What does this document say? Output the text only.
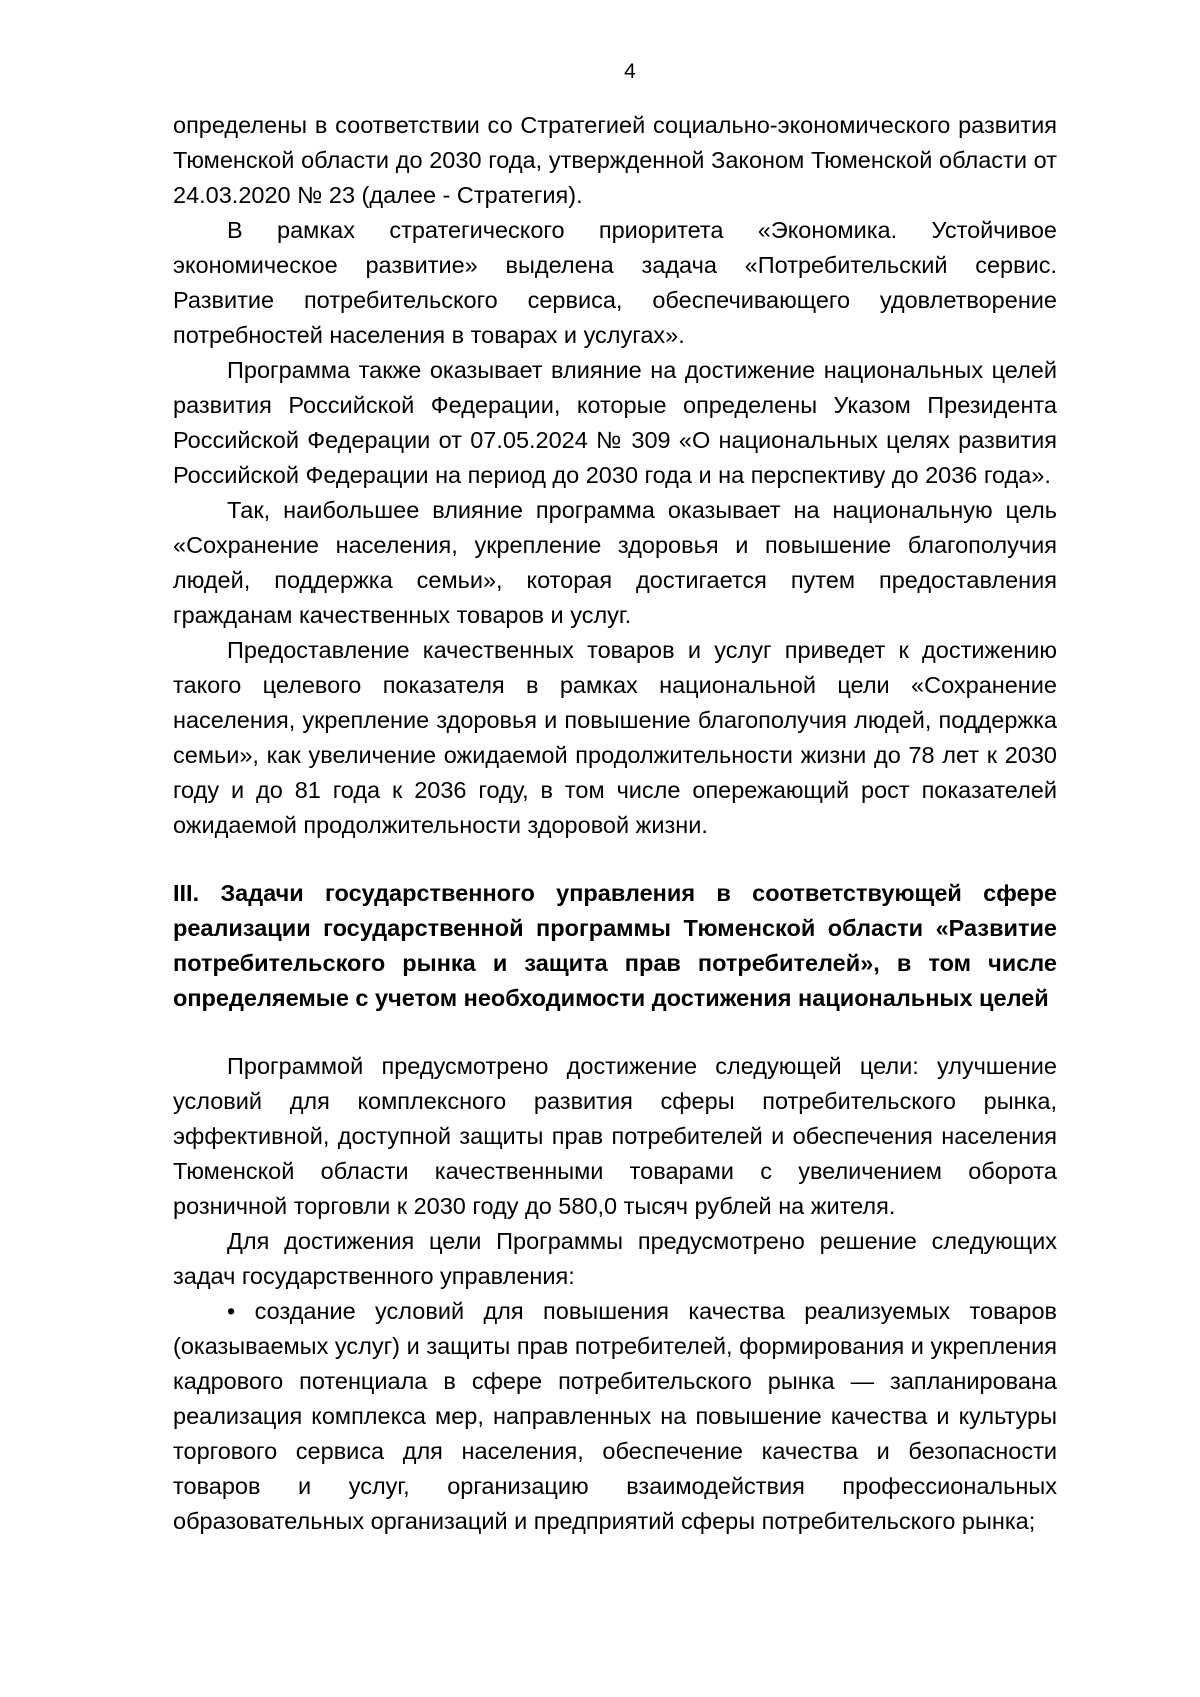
4

определены в соответствии со Стратегией социально-экономического развития Тюменской области до 2030 года, утвержденной Законом Тюменской области от 24.03.2020 № 23 (далее - Стратегия).

В рамках стратегического приоритета «Экономика. Устойчивое экономическое развитие» выделена задача «Потребительский сервис. Развитие потребительского сервиса, обеспечивающего удовлетворение потребностей населения в товарах и услугах».

Программа также оказывает влияние на достижение национальных целей развития Российской Федерации, которые определены Указом Президента Российской Федерации от 07.05.2024 № 309 «О национальных целях развития Российской Федерации на период до 2030 года и на перспективу до 2036 года».

Так, наибольшее влияние программа оказывает на национальную цель «Сохранение населения, укрепление здоровья и повышение благополучия людей, поддержка семьи», которая достигается путем предоставления гражданам качественных товаров и услуг.

Предоставление качественных товаров и услуг приведет к достижению такого целевого показателя в рамках национальной цели «Сохранение населения, укрепление здоровья и повышение благополучия людей, поддержка семьи», как увеличение ожидаемой продолжительности жизни до 78 лет к 2030 году и до 81 года к 2036 году, в том числе опережающий рост показателей ожидаемой продолжительности здоровой жизни.

III. Задачи государственного управления в соответствующей сфере реализации государственной программы Тюменской области «Развитие потребительского рынка и защита прав потребителей», в том числе определяемые с учетом необходимости достижения национальных целей

Программой предусмотрено достижение следующей цели: улучшение условий для комплексного развития сферы потребительского рынка, эффективной, доступной защиты прав потребителей и обеспечения населения Тюменской области качественными товарами с увеличением оборота розничной торговли к 2030 году до 580,0 тысяч рублей на жителя.

Для достижения цели Программы предусмотрено решение следующих задач государственного управления:

• создание условий для повышения качества реализуемых товаров (оказываемых услуг) и защиты прав потребителей, формирования и укрепления кадрового потенциала в сфере потребительского рынка — запланирована реализация комплекса мер, направленных на повышение качества и культуры торгового сервиса для населения, обеспечение качества и безопасности товаров и услуг, организацию взаимодействия профессиональных образовательных организаций и предприятий сферы потребительского рынка;
